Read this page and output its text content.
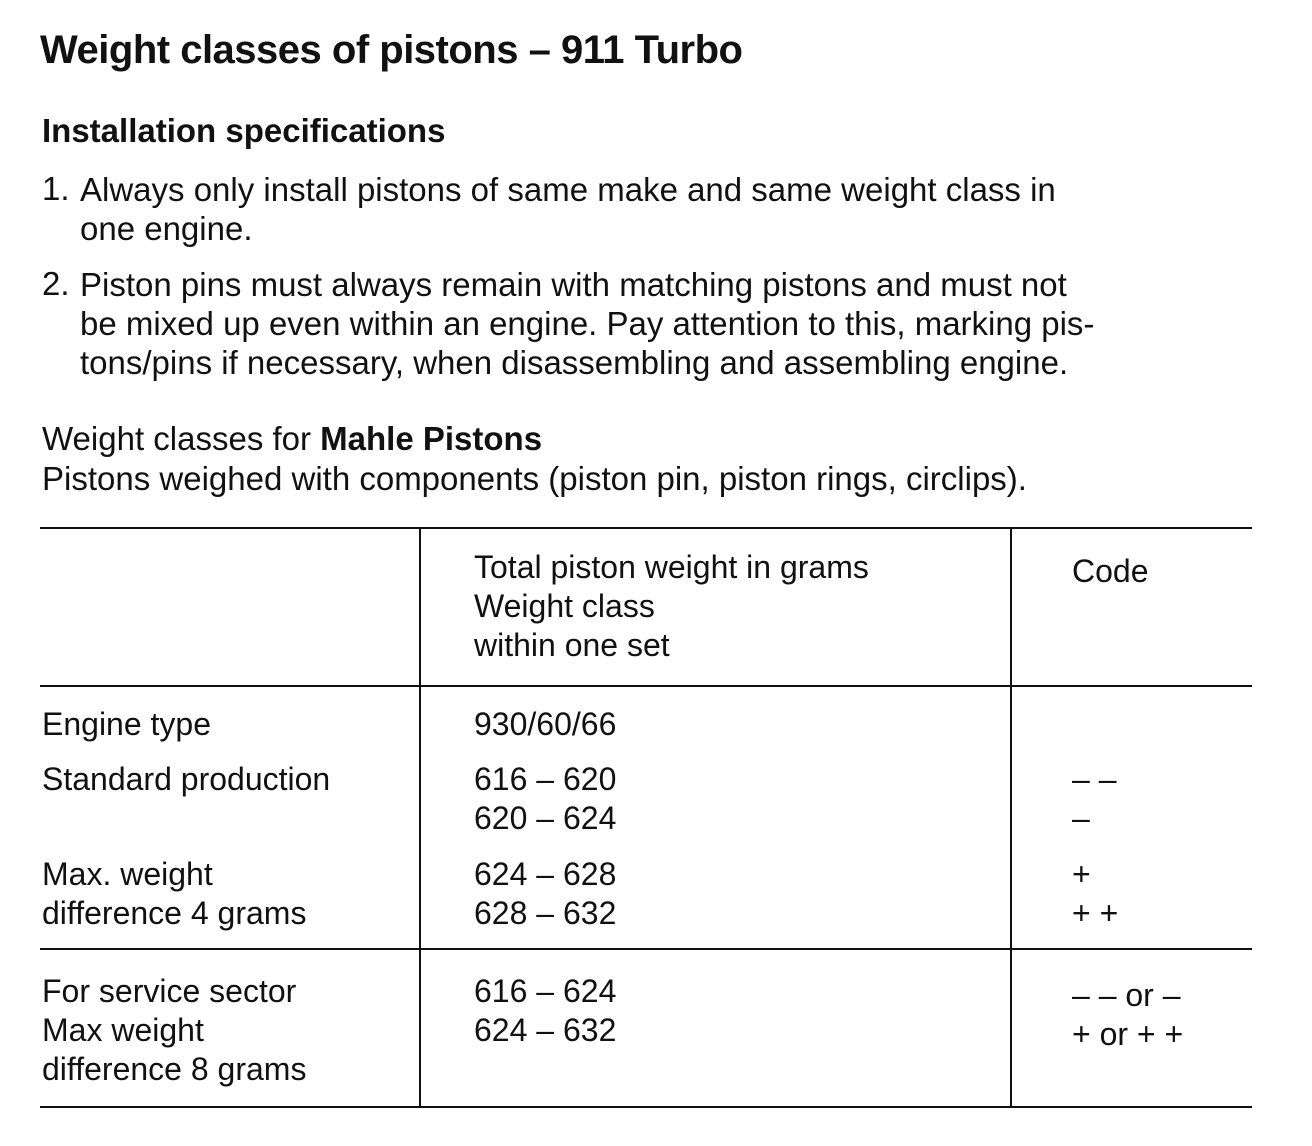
Weight classes of pistons – 911 Turbo
Installation specifications
1. Always only install pistons of same make and same weight class in
one engine.
2. Piston pins must always remain with matching pistons and must not
be mixed up even within an engine. Pay attention to this, marking pis-
tons/pins if necessary, when disassembling and assembling engine.

Weight classes for Mahle Pistons

Pistons weighed with components (piston pin, piston rings, circlips).

Total piston weight in grams
Weight class
within one set
Code
Engine type	930/60/66
Standard production
Max. weight
difference 4 grams
616 – 620
620 – 624
624 – 628
628 – 632
– –
–
+
+ +
For service sector
Max weight
difference 8 grams
616 – 624
624 – 632
– – or –
+ or + +
